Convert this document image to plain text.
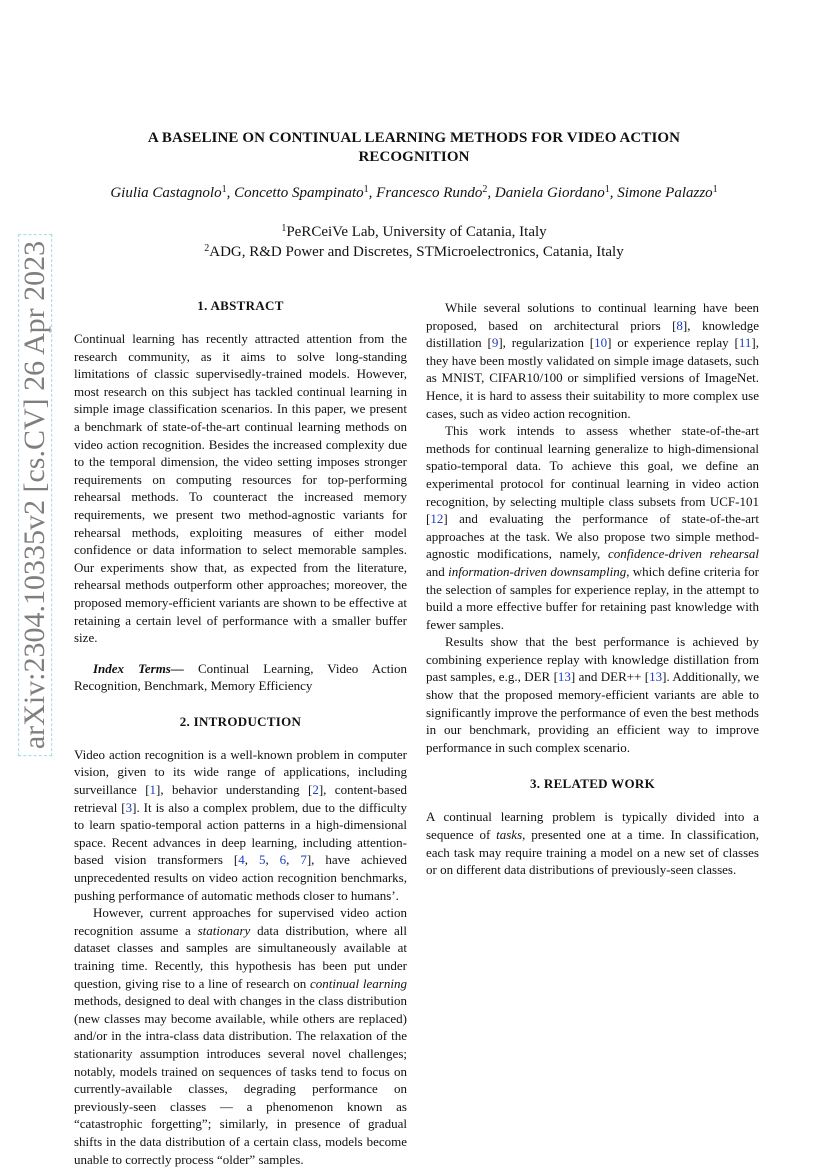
arXiv:2304.10335v2 [cs.CV] 26 Apr 2023
A BASELINE ON CONTINUAL LEARNING METHODS FOR VIDEO ACTION RECOGNITION
Giulia Castagnolo$^1$, Concetto Spampinato$^1$, Francesco Rundo$^2$, Daniela Giordano$^1$, Simone Palazzo$^1$
$^1$PeRCeiVe Lab, University of Catania, Italy
$^2$ADG, R&D Power and Discretes, STMicroelectronics, Catania, Italy
1. ABSTRACT

Continual learning has recently attracted attention from the research community, as it aims to solve long-standing limitations of classic supervisedly-trained models. However, most research on this subject has tackled continual learning in simple image classification scenarios. In this paper, we present a benchmark of state-of-the-art continual learning methods on video action recognition. Besides the increased complexity due to the temporal dimension, the video setting imposes stronger requirements on computing resources for top-performing rehearsal methods. To counteract the increased memory requirements, we present two method-agnostic variants for rehearsal methods, exploiting measures of either model confidence or data information to select memorable samples. Our experiments show that, as expected from the literature, rehearsal methods outperform other approaches; moreover, the proposed memory-efficient variants are shown to be effective at retaining a certain level of performance with a smaller buffer size.

Index Terms— Continual Learning, Video Action Recognition, Benchmark, Memory Efficiency

2. INTRODUCTION

Video action recognition is a well-known problem in computer vision, given to its wide range of applications, including surveillance [1], behavior understanding [2], content-based retrieval [3]. It is also a complex problem, due to the difficulty to learn spatio-temporal action patterns in a high-dimensional space. Recent advances in deep learning, including attention-based vision transformers [4, 5, 6, 7], have achieved unprecedented results on video action recognition benchmarks, pushing performance of automatic methods closer to humans’.

However, current approaches for supervised video action recognition assume a stationary data distribution, where all dataset classes and samples are simultaneously available at training time. Recently, this hypothesis has been put under question, giving rise to a line of research on continual learning methods, designed to deal with changes in the class distribution (new classes may become available, while others are replaced) and/or in the intra-class data distribution. The relaxation of the stationarity assumption introduces several novel challenges; notably, models trained on sequences of tasks tend to focus on currently-available classes, degrading performance on previously-seen classes — a phenomenon known as “catastrophic forgetting”; similarly, in presence of gradual shifts in the data distribution of a certain class, models become unable to correctly process “older” samples.

While several solutions to continual learning have been proposed, based on architectural priors [8], knowledge distillation [9], regularization [10] or experience replay [11], they have been mostly validated on simple image datasets, such as MNIST, CIFAR10/100 or simplified versions of ImageNet. Hence, it is hard to assess their suitability to more complex use cases, such as video action recognition.

This work intends to assess whether state-of-the-art methods for continual learning generalize to high-dimensional spatio-temporal data. To achieve this goal, we define an experimental protocol for continual learning in video action recognition, by selecting multiple class subsets from UCF-101 [12] and evaluating the performance of state-of-the-art approaches at the task. We also propose two simple method-agnostic modifications, namely, confidence-driven rehearsal and information-driven downsampling, which define criteria for the selection of samples for experience replay, in the attempt to build a more effective buffer for retaining past knowledge with fewer samples.

Results show that the best performance is achieved by combining experience replay with knowledge distillation from past samples, e.g., DER [13] and DER++ [13]. Additionally, we show that the proposed memory-efficient variants are able to significantly improve the performance of even the best methods in our benchmark, providing an efficient way to improve performance in such complex scenario.

3. RELATED WORK

A continual learning problem is typically divided into a sequence of tasks, presented one at a time. In classification, each task may require training a model on a new set of classes or on different data distributions of previously-seen classes.
